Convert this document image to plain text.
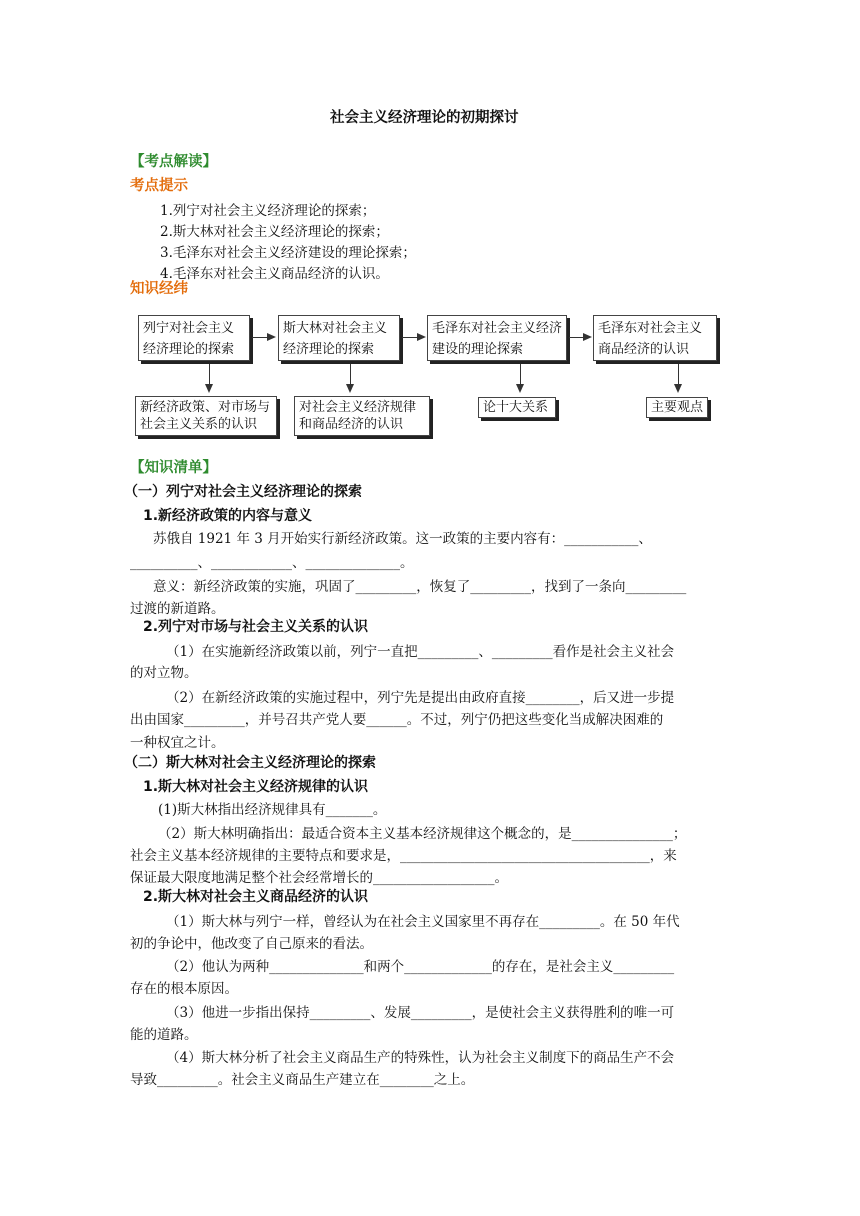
社会主义经济理论的初期探讨
【考点解读】
考点提示
1.列宁对社会主义经济理论的探索；
2.斯大林对社会主义经济理论的探索；
3.毛泽东对社会主义经济建设的理论探索；
4.毛泽东对社会主义商品经济的认识。
知识经纬
列宁对社会主义经济理论的探索
斯大林对社会主义经济理论的探索
毛泽东对社会主义经济建设的理论探索
毛泽东对社会主义商品经济的认识
新经济政策、对市场与社会主义关系的认识
对社会主义经济规律和商品经济的认识
论十大关系	主要观点
【知识清单】
（一）列宁对社会主义经济理论的探索
1.新经济政策的内容与意义
苏俄自 1921 年 3 月开始实行新经济政策。这一政策的主要内容有：___________、
__________、____________、______________。
意义：新经济政策的实施，巩固了_________，恢复了_________，找到了一条向_________
过渡的新道路。
2.列宁对市场与社会主义关系的认识
（1）在实施新经济政策以前，列宁一直把_________、_________看作是社会主义社会
的对立物。
（2）在新经济政策的实施过程中，列宁先是提出由政府直接________，后又进一步提
出由国家_________，并号召共产党人要______。不过，列宁仍把这些变化当成解决困难的
一种权宜之计。
（二）斯大林对社会主义经济理论的探索
1.斯大林对社会主义经济规律的认识
(1)斯大林指出经济规律具有_______。
（2）斯大林明确指出：最适合资本主义基本经济规律这个概念的，是_______________；
社会主义基本经济规律的主要特点和要求是，_____________________________________，来
保证最大限度地满足整个社会经常增长的__________________。
2.斯大林对社会主义商品经济的认识
（1）斯大林与列宁一样，曾经认为在社会主义国家里不再存在_________。在 50 年代
初的争论中，他改变了自己原来的看法。
（2）他认为两种______________和两个_____________的存在，是社会主义_________
存在的根本原因。
（3）他进一步指出保持_________、发展_________，是使社会主义获得胜利的唯一可
能的道路。
（4）斯大林分析了社会主义商品生产的特殊性，认为社会主义制度下的商品生产不会
导致_________。社会主义商品生产建立在________之上。
